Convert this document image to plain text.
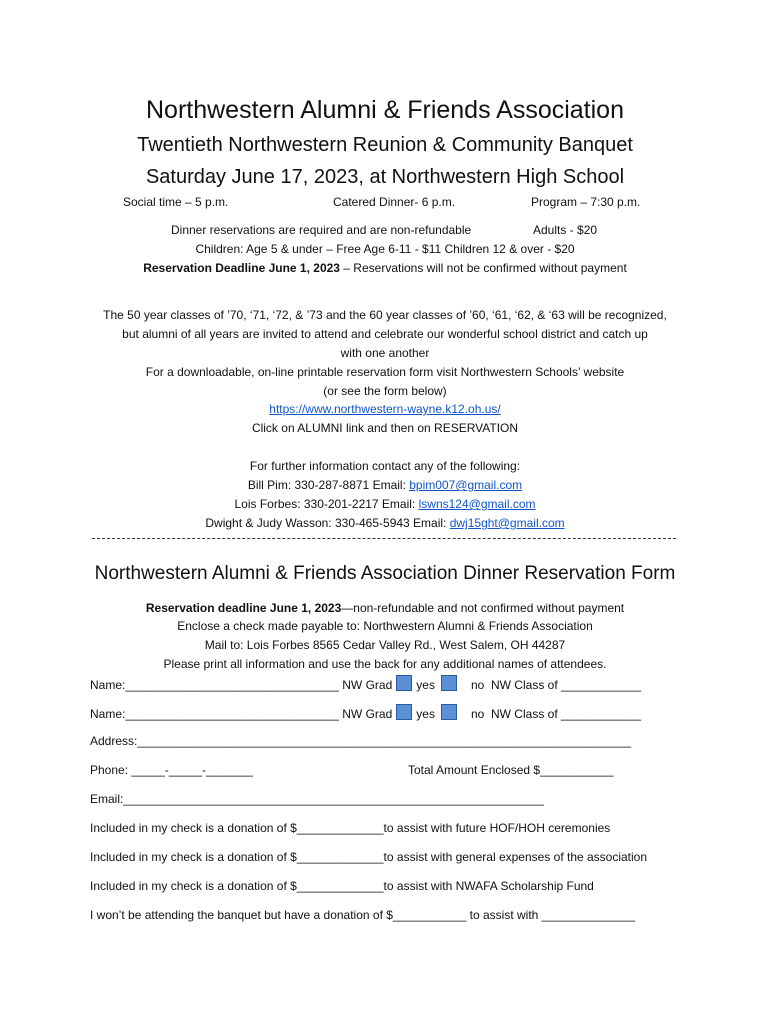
Northwestern Alumni & Friends Association
Twentieth Northwestern Reunion & Community Banquet
Saturday June 17, 2023, at Northwestern High School
Social time – 5 p.m.	Catered Dinner- 6 p.m.	Program – 7:30 p.m.
Dinner reservations are required and are non-refundable	Adults - $20
Children: Age 5 & under – Free Age 6-11 - $11 Children 12 & over - $20
Reservation Deadline June 1, 2023 – Reservations will not be confirmed without payment
The 50 year classes of ’70, ‘71, ‘72, & ’73 and the 60 year classes of ’60, ‘61, ‘62, & ‘63 will be recognized,
but alumni of all years are invited to attend and celebrate our wonderful school district and catch up
with one another
For a downloadable, on-line printable reservation form visit Northwestern Schools’ website
(or see the form below)
https://www.northwestern-wayne.k12.oh.us/
Click on ALUMNI link and then on RESERVATION
For further information contact any of the following:
Bill Pim: 330-287-8871 Email: bpim007@gmail.com
Lois Forbes: 330-201-2217 Email: lswns124@gmail.com
Dwight & Judy Wasson: 330-465-5943 Email: dwj15ght@gmail.com
Northwestern Alumni & Friends Association Dinner Reservation Form
Reservation deadline June 1, 2023—non-refundable and not confirmed without payment
Enclose a check made payable to: Northwestern Alumni & Friends Association
Mail to: Lois Forbes 8565 Cedar Valley Rd., West Salem, OH 44287
Please print all information and use the back for any additional names of attendees.
Name:________________________________ NW Grad yes	no NW Class of ____________
Name:________________________________ NW Grad yes	no NW Class of ____________
Address:__________________________________________________________________________
Phone: _____-_____-_______	Total Amount Enclosed $___________
Email:_______________________________________________________________
Included in my check is a donation of $_____________to assist with future HOF/HOH ceremonies
Included in my check is a donation of $_____________to assist with general expenses of the association
Included in my check is a donation of $_____________to assist with NWAFA Scholarship Fund
I won’t be attending the banquet but have a donation of $___________ to assist with ______________
